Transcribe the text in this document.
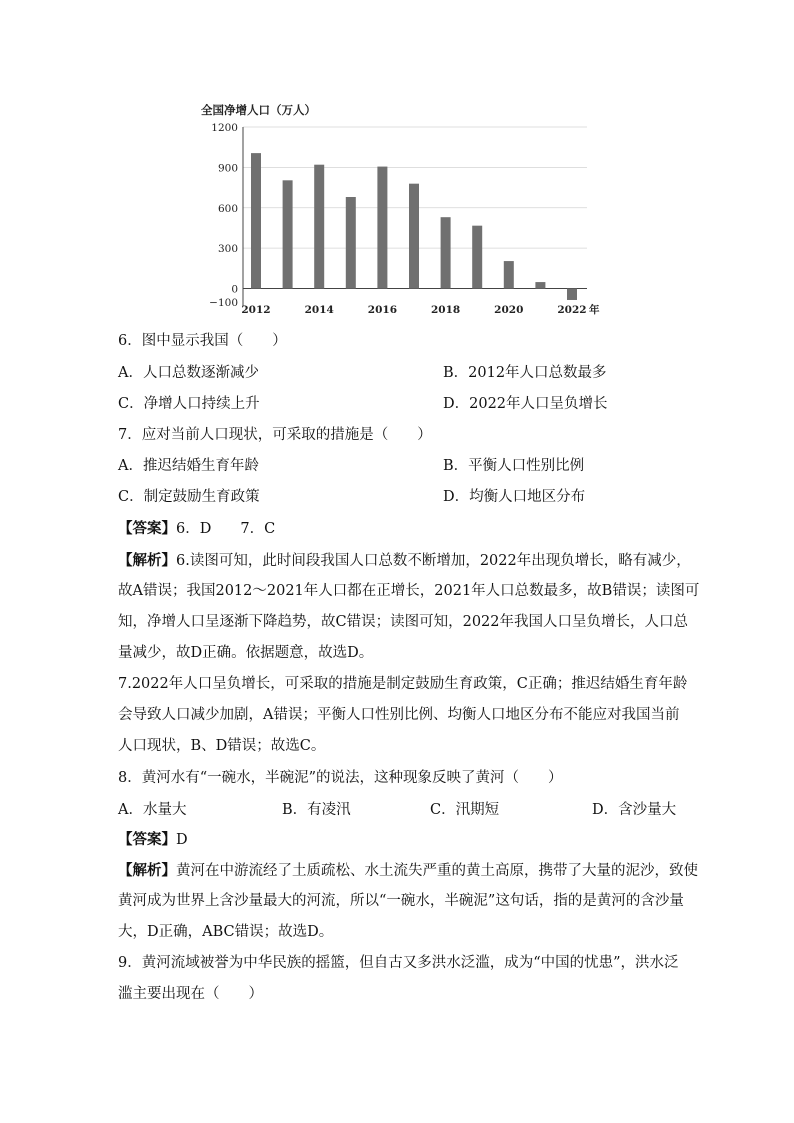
全国净增人口（万人）
1200
900
600
300
0
−100
2012	2014	2016	2018	2020	2022 年
6．图中显示我国（　　）
A．人口总数逐渐减少	B．2012年人口总数最多
C．净增人口持续上升	D．2022年人口呈负增长
7．应对当前人口现状，可采取的措施是（　　）
A．推迟结婚生育年龄	B．平衡人口性别比例
C．制定鼓励生育政策	D．均衡人口地区分布
【答案】6．D　　7．C
【解析】6.读图可知，此时间段我国人口总数不断增加，2022年出现负增长，略有减少，
故A错误；我国2012～2021年人口都在正增长，2021年人口总数最多，故B错误；读图可
知，净增人口呈逐渐下降趋势，故C错误；读图可知，2022年我国人口呈负增长，人口总
量减少，故D正确。依据题意，故选D。
7.2022年人口呈负增长，可采取的措施是制定鼓励生育政策，C正确；推迟结婚生育年龄
会导致人口减少加剧，A错误；平衡人口性别比例、均衡人口地区分布不能应对我国当前
人口现状，B、D错误；故选C。
8．黄河水有“一碗水，半碗泥”的说法，这种现象反映了黄河（　　）
A．水量大	B．有凌汛	C．汛期短	D．含沙量大
【答案】D
【解析】黄河在中游流经了土质疏松、水土流失严重的黄土高原，携带了大量的泥沙，致使
黄河成为世界上含沙量最大的河流，所以“一碗水，半碗泥”这句话，指的是黄河的含沙量
大，D正确，ABC错误；故选D。
9．黄河流域被誉为中华民族的摇篮，但自古又多洪水泛滥，成为“中国的忧患”，洪水泛
滥主要出现在（　　）
